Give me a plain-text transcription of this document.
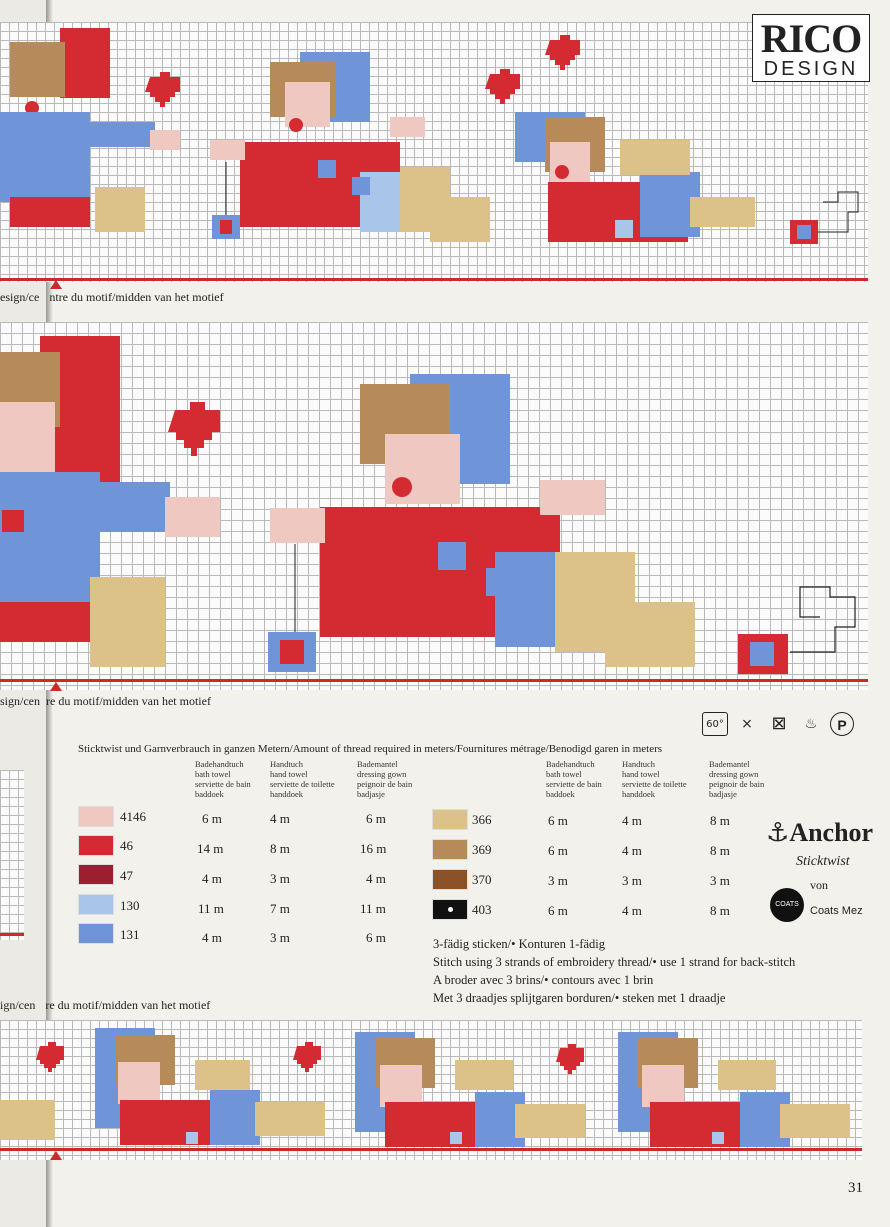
esign/ce ntre du motif/midden van het motief
sign/cen re du motif/midden van het motief
RICO
DESIGN
60°	⨯	⊠	♨	P
Sticktwist und Garnverbrauch in ganzen Metern/Amount of thread required in meters/Fournitures métrage/Benodigd garen in meters
Badehandtuch
bath towel
serviette de bain
baddoek
Handtuch
hand towel
serviette de toilette
handdoek
Bademantel
dressing gown
peignoir de bain
badjasje
Badehandtuch
bath towel
serviette de bain
baddoek
Handtuch
hand towel
serviette de toilette
handdoek
Bademantel
dressing gown
peignoir de bain
badjasje
4146	6 m	4 m	6 m
46	14 m	8 m	16 m
47	4 m	3 m	4 m
130	11 m	7 m	11 m
131	4 m	3 m	6 m
366	6 m	4 m	8 m
369	6 m	4 m	8 m
370	3 m	3 m	3 m
403	6 m	4 m	8 m
3-fädig sticken/• Konturen 1-fädig
Stitch using 3 strands of embroidery thread/• use 1 strand for back-stitch
A broder avec 3 brins/• contours avec 1 brin
Met 3 draadjes splijtgaren borduren/• steken met 1 draadje
⚓Anchor
Sticktwist
von
COATS
Coats Mez
ign/cen re du motif/midden van het motief
31
